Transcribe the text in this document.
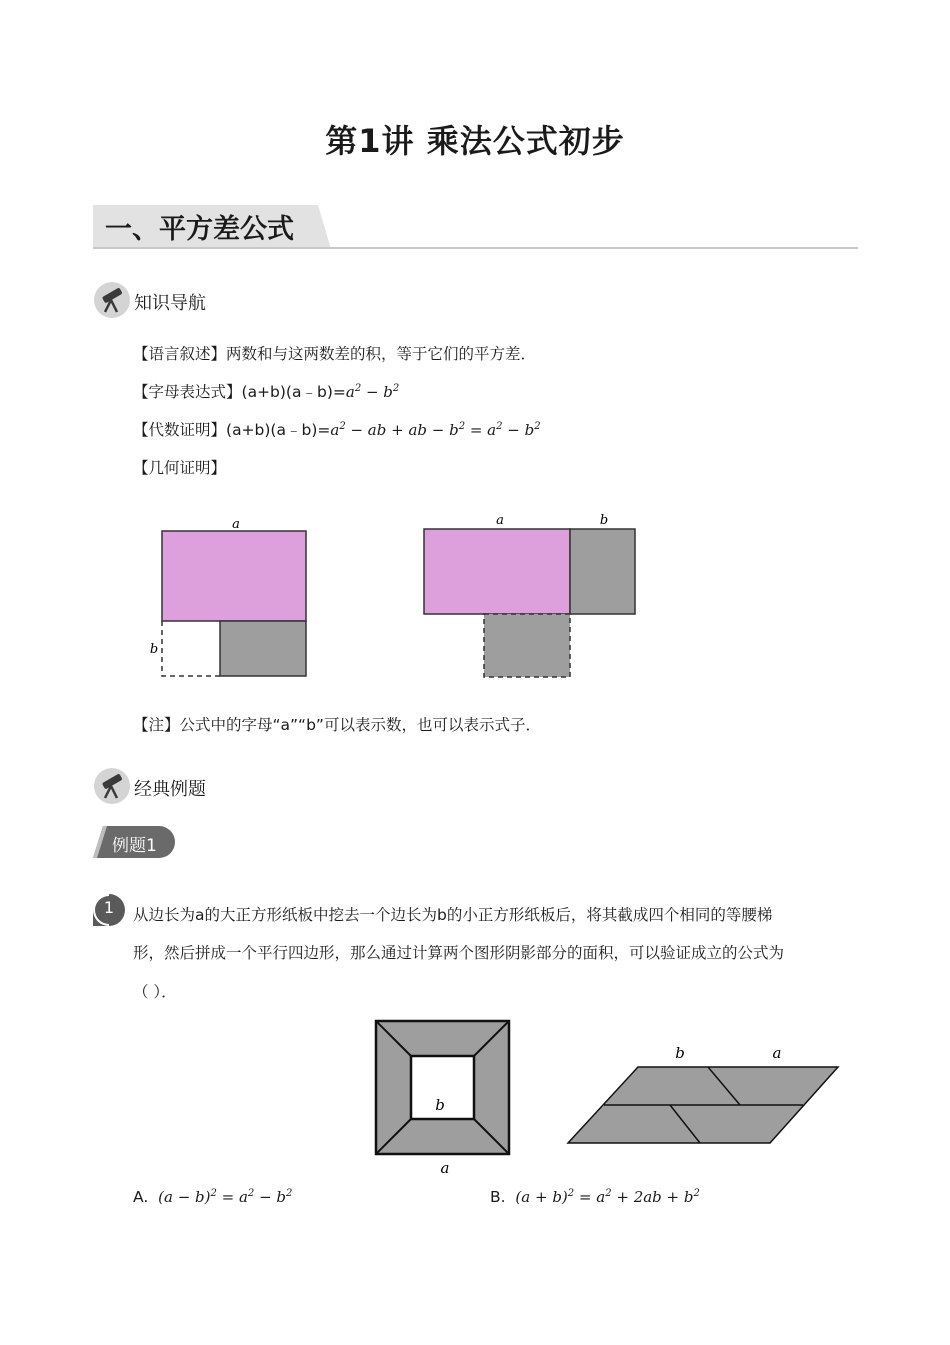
第1讲 乘法公式初步
一、平方差公式
知识导航
【语言叙述】两数和与这两数差的积，等于它们的平方差．
【字母表达式】$(a+b)(a﹣b)=a^2 - b^2$
【代数证明】$(a+b)(a﹣b)=a^2$ − ab + ab − $b^2 = a^2 - b^2$
【几何证明】
a
b
a	b
【注】公式中的字母“a”“b”可以表示数，也可以表示式子．
经典例题
例题1
1	从边长为a的大正方形纸板中挖去一个边长为b的小正方形纸板后，将其截成四个相同的等腰梯
形，然后拼成一个平行四边形，那么通过计算两个图形阴影部分的面积，可以验证成立的公式为
（ ）．
b
a
b	a
A. $(a - b)^2 = a^2 - b^2$	B. $(a + b)^2 = a^2 + 2ab + b^2$
